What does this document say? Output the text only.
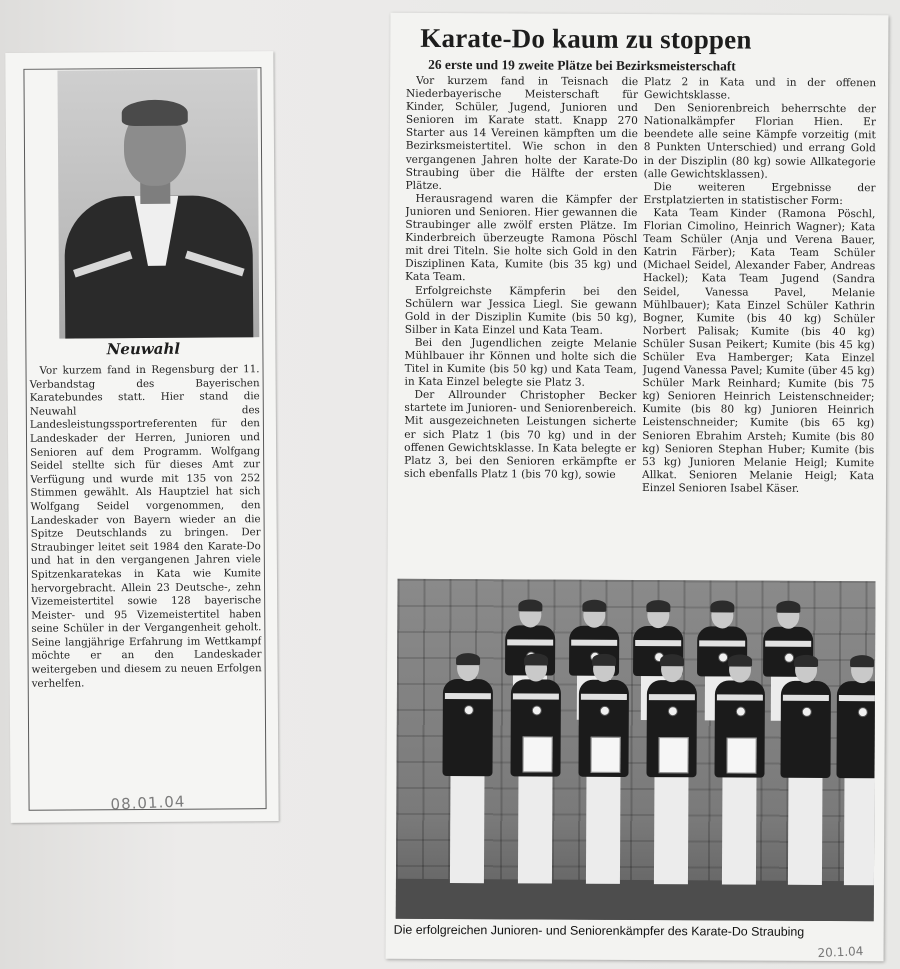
Neuwahl

Vor kurzem fand in Regensburg der 11. Verbandstag des Bayerischen Karatebundes statt. Hier stand die Neuwahl des Landesleistungssportreferenten für den Landeskader der Herren, Junioren und Senioren auf dem Programm. Wolfgang Seidel stellte sich für dieses Amt zur Verfügung und wurde mit 135 von 252 Stimmen gewählt. Als Hauptziel hat sich Wolfgang Seidel vorgenommen, den Landeskader von Bayern wieder an die Spitze Deutschlands zu bringen. Der Straubinger leitet seit 1984 den Karate-Do und hat in den vergangenen Jahren viele Spitzenkaratekas in Kata wie Kumite hervorgebracht. Allein 23 Deutsche-, zehn Vizemeistertitel sowie 128 bayerische Meister- und 95 Vizemeistertitel haben seine Schüler in der Vergangenheit geholt. Seine langjährige Erfahrung im Wettkampf möchte er an den Landeskader weitergeben und diesem zu neuen Erfolgen verhelfen.

08.01.04
Karate-Do kaum zu stoppen
26 erste und 19 zweite Plätze bei Bezirksmeisterschaft

Vor kurzem fand in Teisnach die Niederbayerische Meisterschaft für Kinder, Schüler, Jugend, Junioren und Senioren im Karate statt. Knapp 270 Starter aus 14 Vereinen kämpften um die Bezirksmeistertitel. Wie schon in den vergangenen Jahren holte der Karate-Do Straubing über die Hälfte der ersten Plätze.

Herausragend waren die Kämpfer der Junioren und Senioren. Hier gewannen die Straubinger alle zwölf ersten Plätze. Im Kinderbreich überzeugte Ramona Pöschl mit drei Titeln. Sie holte sich Gold in den Disziplinen Kata, Kumite (bis 35 kg) und Kata Team.

Erfolgreichste Kämpferin bei den Schülern war Jessica Liegl. Sie gewann Gold in der Disziplin Kumite (bis 50 kg), Silber in Kata Einzel und Kata Team.

Bei den Jugendlichen zeigte Melanie Mühlbauer ihr Können und holte sich die Titel in Kumite (bis 50 kg) und Kata Team, in Kata Einzel belegte sie Platz 3.

Der Allrounder Christopher Becker startete im Junioren- und Seniorenbereich. Mit ausgezeichneten Leistungen sicherte er sich Platz 1 (bis 70 kg) und in der offenen Gewichtsklasse. In Kata belegte er Platz 3, bei den Senioren erkämpfte er sich ebenfalls Platz 1 (bis 70 kg), sowie

Platz 2 in Kata und in der offenen Gewichtsklasse.

Den Seniorenbreich beherrschte der Nationalkämpfer Florian Hien. Er beendete alle seine Kämpfe vorzeitig (mit 8 Punkten Unterschied) und errang Gold in der Disziplin (80 kg) sowie Allkategorie (alle Gewichtsklassen).

Die weiteren Ergebnisse der Erstplatzierten in statistischer Form:

Kata Team Kinder (Ramona Pöschl, Florian Cimolino, Heinrich Wagner); Kata Team Schüler (Anja und Verena Bauer, Katrin Färber); Kata Team Schüler (Michael Seidel, Alexander Faber, Andreas Hackel); Kata Team Jugend (Sandra Seidel, Vanessa Pavel, Melanie Mühlbauer); Kata Einzel Schüler Kathrin Bogner, Kumite (bis 40 kg) Schüler Norbert Palisak; Kumite (bis 40 kg) Schüler Susan Peikert; Kumite (bis 45 kg) Schüler Eva Hamberger; Kata Einzel Jugend Vanessa Pavel; Kumite (über 45 kg) Schüler Mark Reinhard; Kumite (bis 75 kg) Senioren Heinrich Leistenschneider; Kumite (bis 80 kg) Junioren Heinrich Leistenschneider; Kumite (bis 65 kg) Senioren Ebrahim Arsteh; Kumite (bis 80 kg) Senioren Stephan Huber; Kumite (bis 53 kg) Junioren Melanie Heigl; Kumite Allkat. Senioren Melanie Heigl; Kata Einzel Senioren Isabel Käser.

Die erfolgreichen Junioren- und Seniorenkämpfer des Karate-Do Straubing
20.1.04
